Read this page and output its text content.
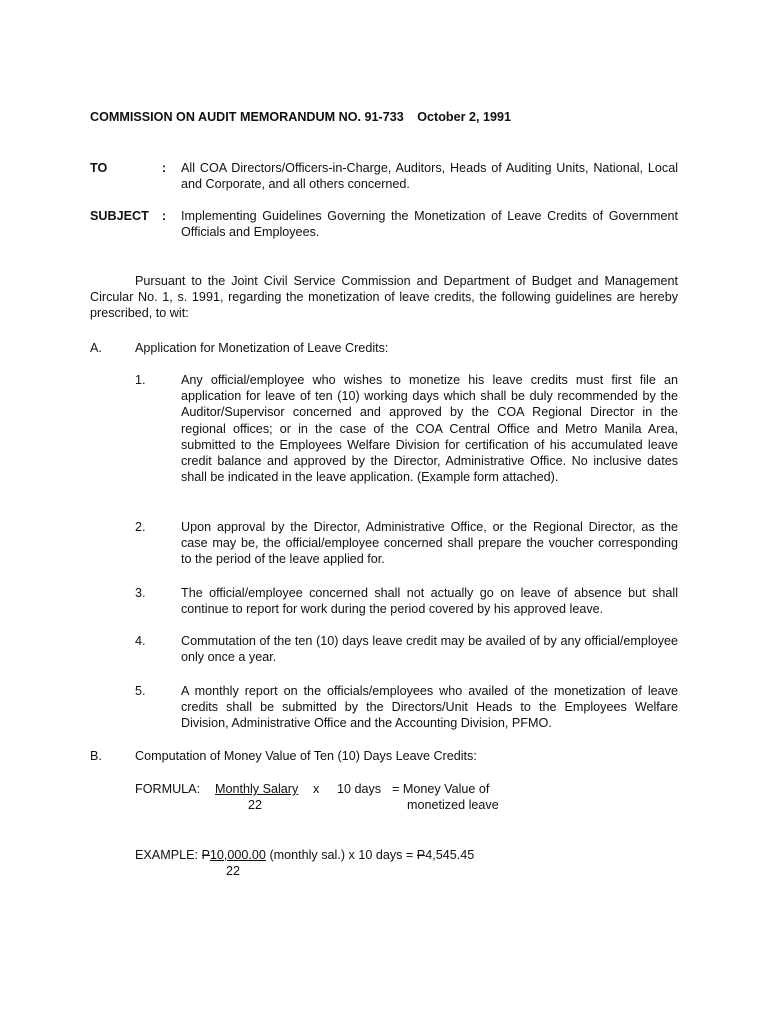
COMMISSION ON AUDIT MEMORANDUM NO. 91-733 October 2, 1991
TO	: All COA Directors/Officers-in-Charge, Auditors, Heads of Auditing Units, National, Local and Corporate, and all others concerned.
SUBJECT : Implementing Guidelines Governing the Monetization of Leave Credits of Government Officials and Employees.
Pursuant to the Joint Civil Service Commission and Department of Budget and Management Circular No. 1, s. 1991, regarding the monetization of leave credits, the following guidelines are hereby prescribed, to wit:
A.	Application for Monetization of Leave Credits:
1.	Any official/employee who wishes to monetize his leave credits must first file an application for leave of ten (10) working days which shall be duly recommended by the Auditor/Supervisor concerned and approved by the COA Regional Director in the regional offices; or in the case of the COA Central Office and Metro Manila Area, submitted to the Employees Welfare Division for certification of his accumulated leave credit balance and approved by the Director, Administrative Office. No inclusive dates shall be indicated in the leave application. (Example form attached).
2.	Upon approval by the Director, Administrative Office, or the Regional Director, as the case may be, the official/employee concerned shall prepare the voucher corresponding to the period of the leave applied for.
3.	The official/employee concerned shall not actually go on leave of absence but shall continue to report for work during the period covered by his approved leave.
4.	Commutation of the ten (10) days leave credit may be availed of by any official/employee only once a year.
5.	A monthly report on the officials/employees who availed of the monetization of leave credits shall be submitted by the Directors/Unit Heads to the Employees Welfare Division, Administrative Office and the Accounting Division, PFMO.
B.	Computation of Money Value of Ten (10) Days Leave Credits:
FORMULA: Monthly Salary x 10 days = Money Value of
monetized leave
22
EXAMPLE: P10,000.00 (monthly sal.) x 10 days = P4,545.45
22
